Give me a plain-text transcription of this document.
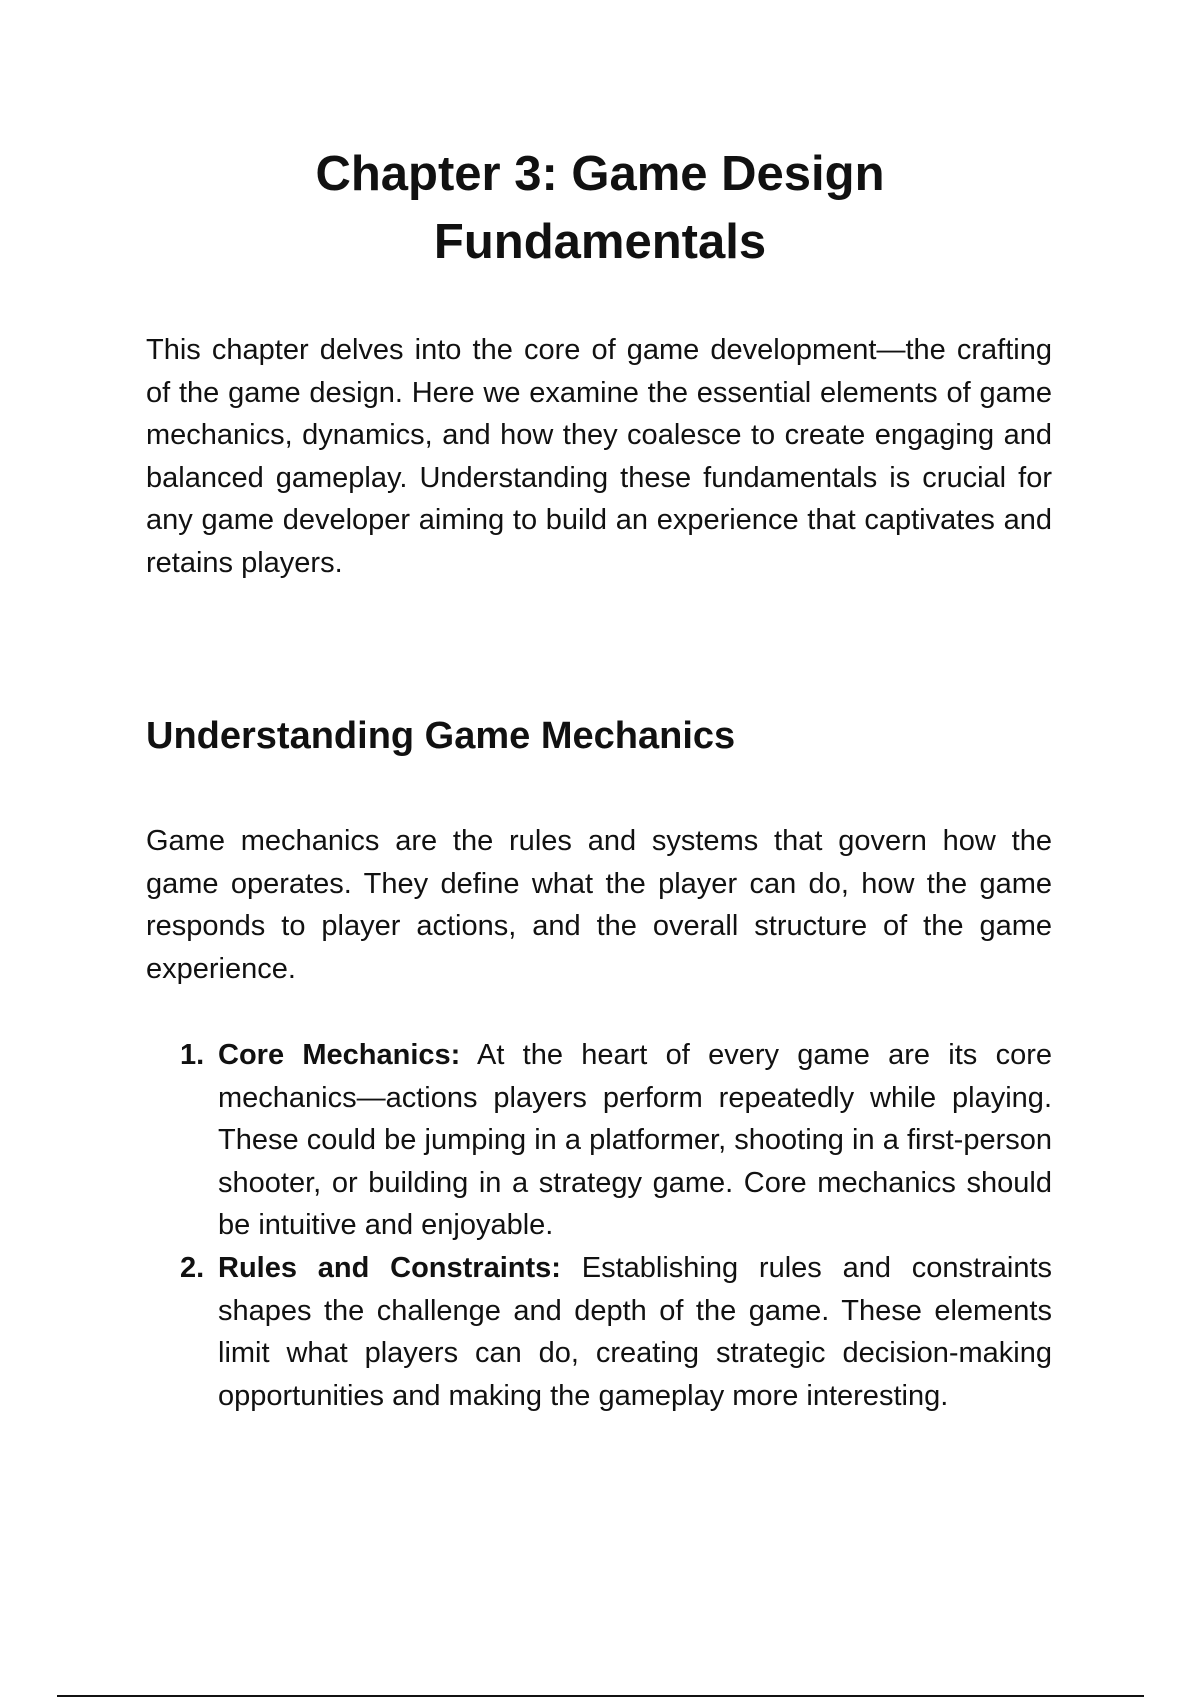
Chapter 3: Game Design
Fundamentals

This chapter delves into the core of game development—the crafting of the game design. Here we examine the essential elements of game mechanics, dynamics, and how they coalesce to create engaging and balanced gameplay. Understanding these fundamentals is crucial for any game developer aiming to build an experience that captivates and retains players.

Understanding Game Mechanics

Game mechanics are the rules and systems that govern how the game operates. They define what the player can do, how the game responds to player actions, and the overall structure of the game experience.

1. Core Mechanics: At the heart of every game are its core mechanics—actions players perform repeatedly while playing. These could be jumping in a platformer, shooting in a first-person shooter, or building in a strategy game. Core mechanics should be intuitive and enjoyable.
2. Rules and Constraints: Establishing rules and constraints shapes the challenge and depth of the game. These elements limit what players can do, creating strategic decision-making opportunities and making the gameplay more interesting.
